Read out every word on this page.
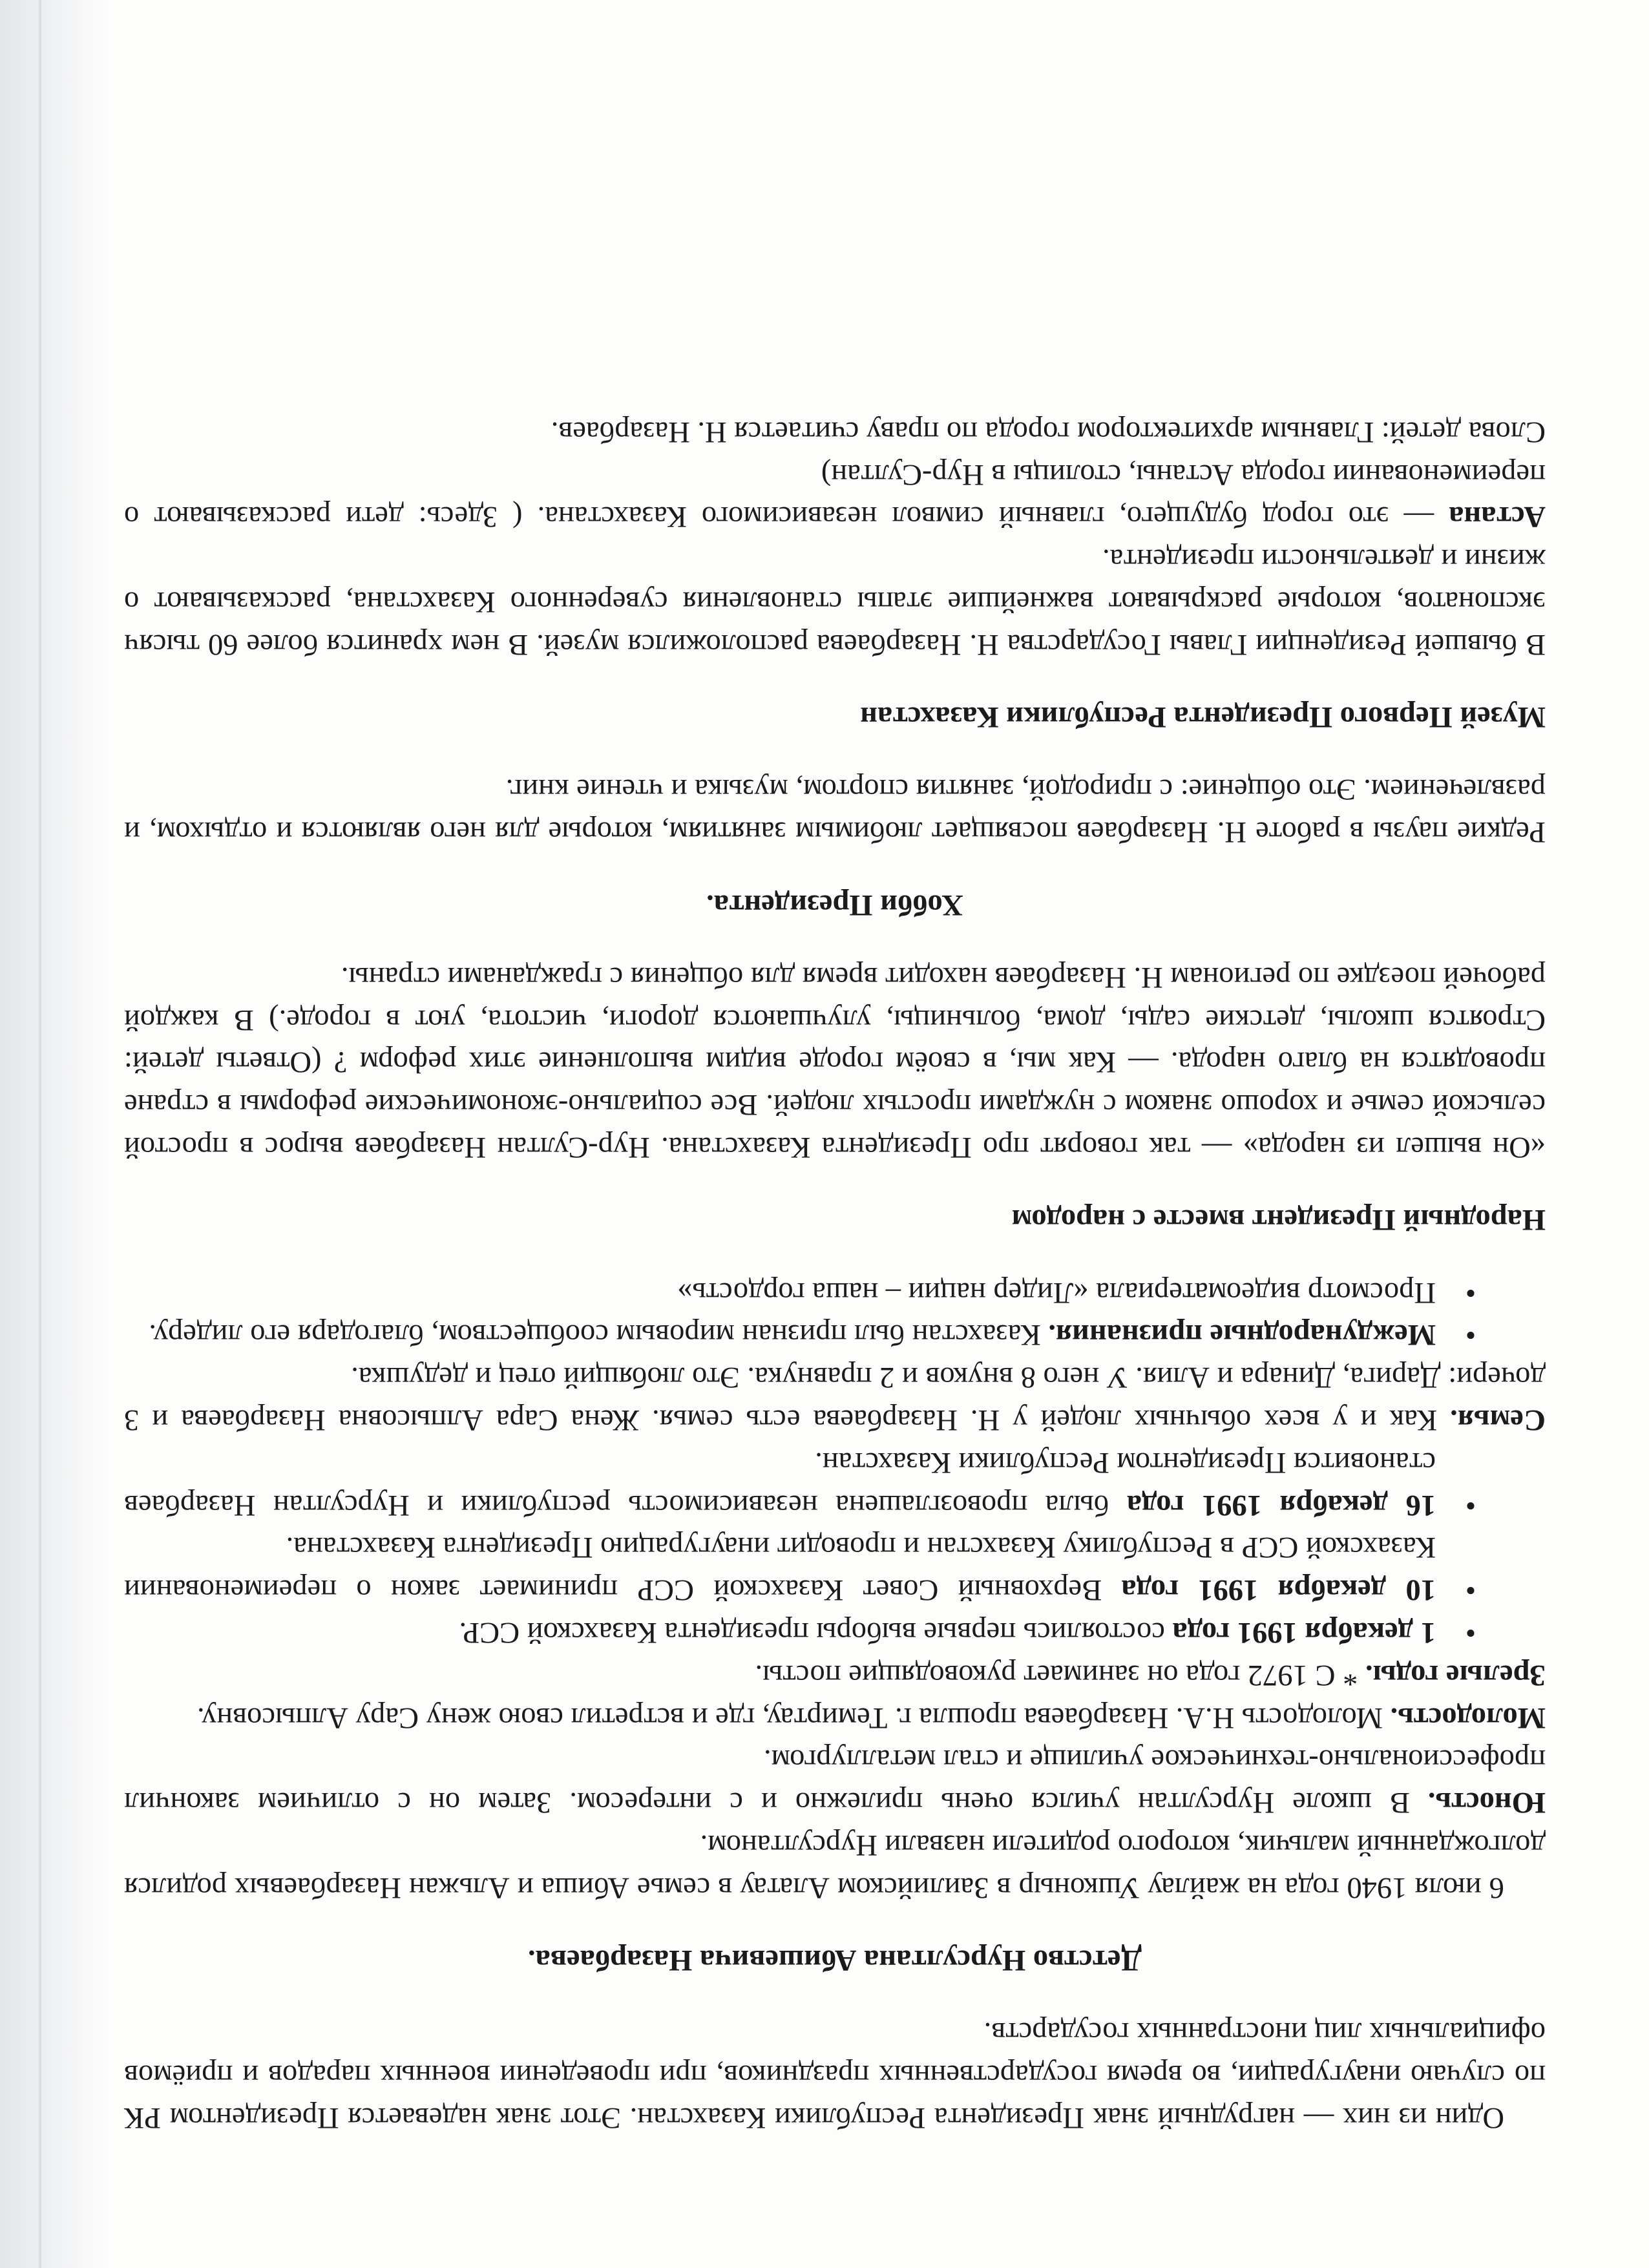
Один из них — нагрудный знак Президента Республики Казахстан. Этот знак надевается Президентом РК по случаю инаугурации, во время государственных праздников, при проведении военных парадов и приёмов официальных лиц иностранных государств.

Детство Нурсултана Абишевича Назарбаева.

6 июля 1940 года на жайлау Ушконыр в Заилийском Алатау в семье Абиша и Альжан Назарбаевых родился долгожданный мальчик, которого родители назвали Нурсултаном.

Юность. В школе Нурсултан учился очень прилежно и с интересом. Затем он с отличием закончил профессионально-техническое училище и стал металлургом.

Молодость. Молодость Н.А. Назарбаева прошла г. Темиртау, где и встретил свою жену Сару Алпысовну.

Зрелые годы. * С 1972 года он занимает руководящие посты.

•
1 декабря 1991 года состоялись первые выборы президента Казахской ССР.

•
10 декабря 1991 года Верховный Совет Казахской ССР принимает закон о переименовании Казахской ССР в Республику Казахстан и проводит инаугурацию Президента Казахстана.

•
16 декабря 1991 года была провозглашена независимость республики и Нурсултан Назарбаев становится Президентом Республики Казахстан.

Семья. Как и у всех обычных людей у Н. Назарбаева есть семья. Жена Сара Алпысовна Назарбаева и 3 дочери: Дарига, Динара и Алия. У него 8 внуков и 2 правнука. Это любящий отец и дедушка.

•
Международные признания. Казахстан был признан мировым сообществом, благодаря его лидеру.

•
Просмотр видеоматериала «Лидер нации – наша гордость»

Народный Президент вместе с народом

«Он вышел из народа» — так говорят про Президента Казахстана. Нур-Султан Назарбаев вырос в простой сельской семье и хорошо знаком с нуждами простых людей. Все социально-экономические реформы в стране проводятся на благо народа. — Как мы, в своём городе видим выполнение этих реформ ? (Ответы детей: Строятся школы, детские сады, дома, больницы, улучшаются дороги, чистота, уют в городе.) В каждой рабочей поездке по регионам Н. Назарбаев находит время для общения с гражданами страны.

Хобби Президента.

Редкие паузы в работе Н. Назарбаев посвящает любимым занятиям, которые для него являются и отдыхом, и развлечением. Это общение: с природой, занятия спортом, музыка и чтение книг.

Музей Первого Президента Республики Казахстан

В бывшей Резиденции Главы Государства Н. Назарбаева расположился музей. В нем хранится более 60 тысяч экспонатов, которые раскрывают важнейшие этапы становления суверенного Казахстана, рассказывают о жизни и деятельности президента.

Астана — это город будущего, главный символ независимого Казахстана. ( Здесь: дети рассказывают о переименовании города Астаны, столицы в Нур-Султан)

Слова детей: Главным архитектором города по праву считается Н. Назарбаев.
